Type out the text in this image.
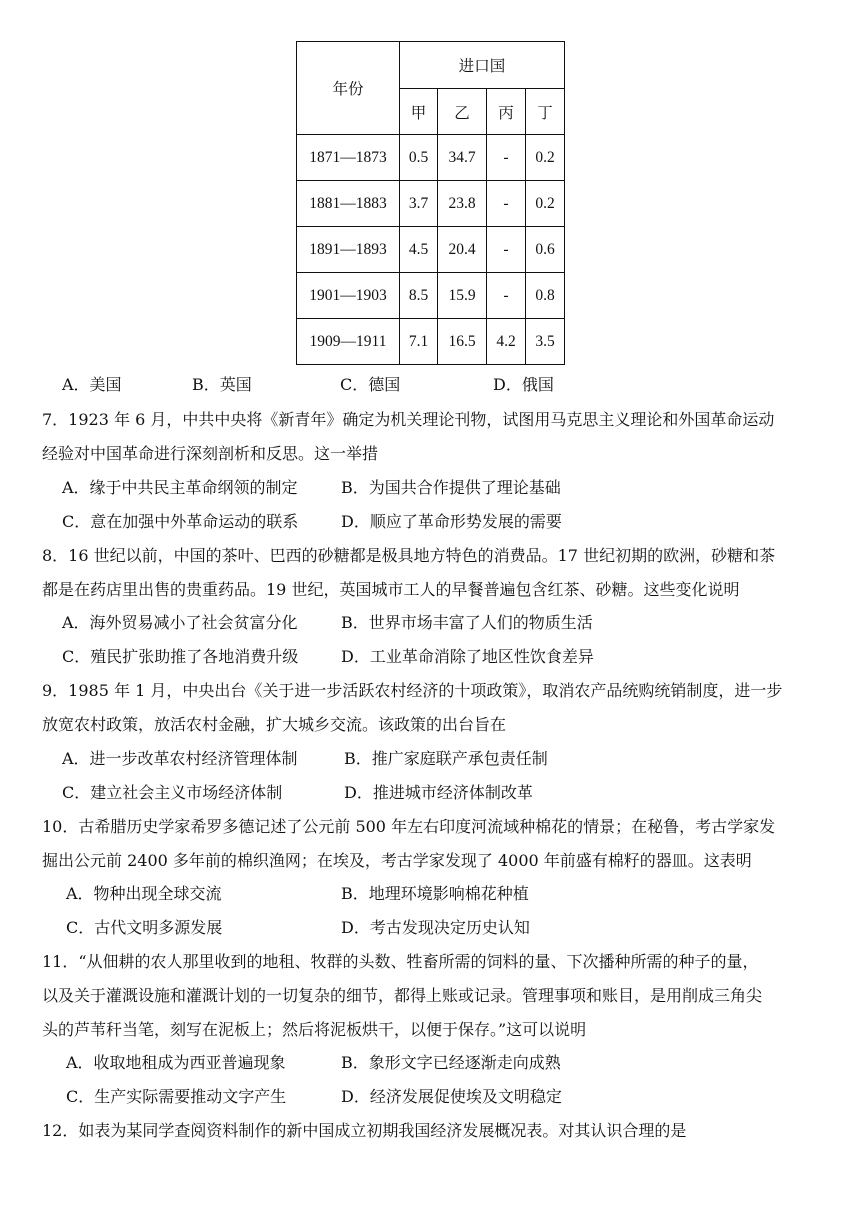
年份	进口国			
	甲	乙	丙	丁
1871—1873	0.5	34.7	-	0.2
1881—1883	3.7	23.8	-	0.2
1891—1893	4.5	20.4	-	0.6
1901—1903	8.5	15.9	-	0.8
1909—1911	7.1	16.5	4.2	3.5
A．美国	B．英国	C．德国	D．俄国
7．1923 年 6 月，中共中央将《新青年》确定为机关理论刊物，试图用马克思主义理论和外国革命运动
经验对中国革命进行深刻剖析和反思。这一举措
A．缘于中共民主革命纲领的制定	B．为国共合作提供了理论基础
C．意在加强中外革命运动的联系	D．顺应了革命形势发展的需要
8．16 世纪以前，中国的茶叶、巴西的砂糖都是极具地方特色的消费品。17 世纪初期的欧洲，砂糖和茶
都是在药店里出售的贵重药品。19 世纪，英国城市工人的早餐普遍包含红茶、砂糖。这些变化说明
A．海外贸易减小了社会贫富分化	B．世界市场丰富了人们的物质生活
C．殖民扩张助推了各地消费升级	D．工业革命消除了地区性饮食差异
9．1985 年 1 月，中央出台《关于进一步活跃农村经济的十项政策》，取消农产品统购统销制度，进一步
放宽农村政策，放活农村金融，扩大城乡交流。该政策的出台旨在
A．进一步改革农村经济管理体制	B．推广家庭联产承包责任制
C．建立社会主义市场经济体制	D．推进城市经济体制改革
10．古希腊历史学家希罗多德记述了公元前 500 年左右印度河流域种棉花的情景；在秘鲁，考古学家发
掘出公元前 2400 多年前的棉织渔网；在埃及，考古学家发现了 4000 年前盛有棉籽的器皿。这表明
A．物种出现全球交流	B．地理环境影响棉花种植
C．古代文明多源发展	D．考古发现决定历史认知
11．“从佃耕的农人那里收到的地租、牧群的头数、牲畜所需的饲料的量、下次播种所需的种子的量，
以及关于灌溉设施和灌溉计划的一切复杂的细节，都得上账或记录。管理事项和账目，是用削成三角尖
头的芦苇秆当笔，刻写在泥板上；然后将泥板烘干，以便于保存。”这可以说明
A．收取地租成为西亚普遍现象	B．象形文字已经逐渐走向成熟
C．生产实际需要推动文字产生	D．经济发展促使埃及文明稳定
12．如表为某同学查阅资料制作的新中国成立初期我国经济发展概况表。对其认识合理的是
